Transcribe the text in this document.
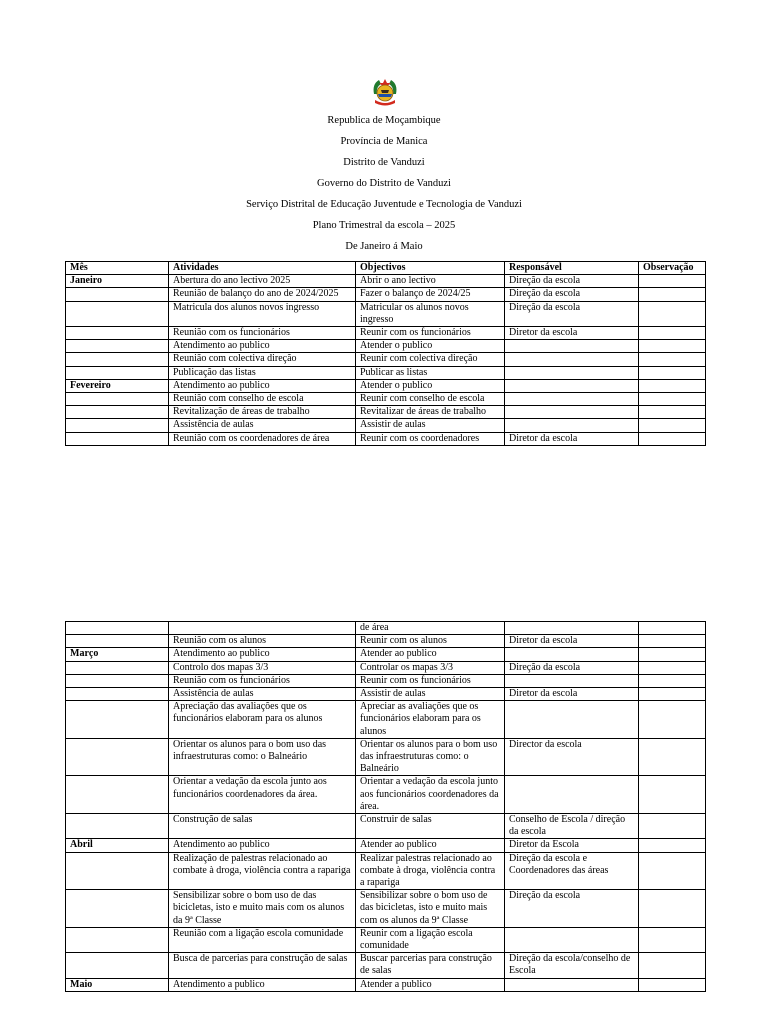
Republica de Moçambique
Província de Manica
Distrito de Vanduzi
Governo do Distrito de Vanduzi
Serviço Distrital de Educação Juventude e Tecnologia de Vanduzi
Plano Trimestral da escola – 2025
De Janeiro á Maio
Mês	Atividades	Objectivos	Responsável	Observação
Janeiro	Abertura do ano lectivo 2025	Abrir o ano lectivo	Direção da escola	
	Reunião de balanço do ano de 2024/2025	Fazer o balanço de 2024/25	Direção da escola	
	Matricula dos alunos novos ingresso	Matricular os alunos novos ingresso	Direção da escola	
	Reunião com os funcionários	Reunir com os funcionários	Diretor da escola	
	Atendimento ao publico	Atender o publico		
	Reunião com colectiva direção	Reunir com colectiva direção		
	Publicação das listas	Publicar as listas		
Fevereiro	Atendimento ao publico	Atender o publico		
	Reunião com conselho de escola	Reunir com conselho de escola		
	Revitalização de áreas de trabalho	Revitalizar de áreas de trabalho		
	Assistência de aulas	Assistir de aulas		
	Reunião com os coordenadores de área	Reunir com os coordenadores	Diretor da escola	
		de área		
	Reunião com os alunos	Reunir com os alunos	Diretor da escola	
Março	Atendimento ao publico	Atender ao publico		
	Controlo dos mapas 3/3	Controlar os mapas 3/3	Direção da escola	
	Reunião com os funcionários	Reunir com os funcionários		
	Assistência de aulas	Assistir de aulas	Diretor da escola	
	Apreciação das avaliações que os funcionários elaboram para os alunos	Apreciar as avaliações que os funcionários elaboram para os alunos		
	Orientar os alunos para o bom uso das infraestruturas como: o Balneário	Orientar os alunos para o bom uso das infraestruturas como: o Balneário	Director da escola	
	Orientar a vedação da escola junto aos funcionários coordenadores da área.	Orientar a vedação da escola junto aos funcionários coordenadores da área.		
	Construção de salas	Construir de salas	Conselho de Escola / direção da escola	
Abril	Atendimento ao publico	Atender ao publico	Diretor da Escola	
	Realização de palestras relacionado ao combate à droga, violência contra a rapariga	Realizar palestras relacionado ao combate à droga, violência contra a rapariga	Direção da escola e Coordenadores das áreas	
	Sensibilizar sobre o bom uso de das bicicletas, isto e muito mais com os alunos da 9ª Classe	Sensibilizar sobre o bom uso de das bicicletas, isto e muito mais com os alunos da 9ª Classe	Direção da escola	
	Reunião com a ligação escola comunidade	Reunir com a ligação escola comunidade		
	Busca de parcerias para construção de salas	Buscar parcerias para construção de salas	Direção da escola/conselho de Escola	
Maio	Atendimento a publico	Atender a publico		
